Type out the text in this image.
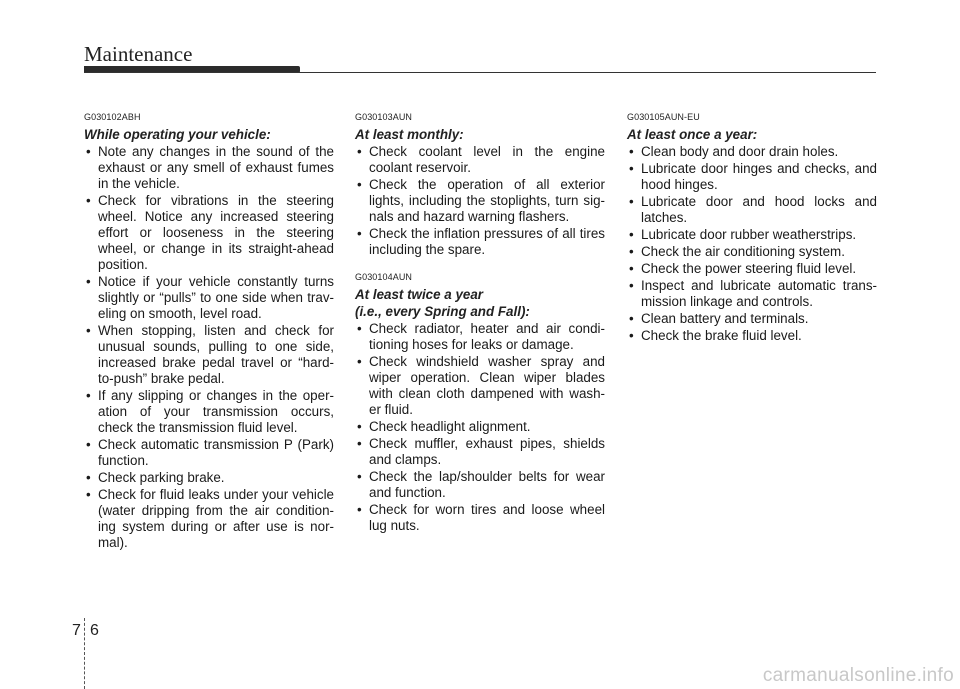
Maintenance
G030102ABH
While operating your vehicle:
• Note any changes in the sound of the exhaust or any smell of exhaust fumes in the vehicle.
• Check for vibrations in the steering wheel. Notice any increased steering effort or looseness in the steering wheel, or change in its straight-ahead position.
• Notice if your vehicle constantly turns slightly or “pulls” to one side when trav-eling on smooth, level road.
• When stopping, listen and check for unusual sounds, pulling to one side, increased brake pedal travel or “hard-to-push” brake pedal.
• If any slipping or changes in the oper-ation of your transmission occurs, check the transmission fluid level.
• Check automatic transmission P (Park) function.
• Check parking brake.
• Check for fluid leaks under your vehicle (water dripping from the air condition-ing system during or after use is nor-mal).
G030103AUN
At least monthly:
• Check coolant level in the engine coolant reservoir.
• Check the operation of all exterior lights, including the stoplights, turn sig-nals and hazard warning flashers.
• Check the inflation pressures of all tires including the spare.
G030104AUN
At least twice a year
(i.e., every Spring and Fall):
• Check radiator, heater and air condi-tioning hoses for leaks or damage.
• Check windshield washer spray and wiper operation. Clean wiper blades with clean cloth dampened with wash-er fluid.
• Check headlight alignment.
• Check muffler, exhaust pipes, shields and clamps.
• Check the lap/shoulder belts for wear and function.
• Check for worn tires and loose wheel lug nuts.
G030105AUN-EU
At least once a year:
• Clean body and door drain holes.
• Lubricate door hinges and checks, and hood hinges.
• Lubricate door and hood locks and latches.
• Lubricate door rubber weatherstrips.
• Check the air conditioning system.
• Check the power steering fluid level.
• Inspect and lubricate automatic trans-mission linkage and controls.
• Clean battery and terminals.
• Check the brake fluid level.
7 6
carmanualsonline.info
